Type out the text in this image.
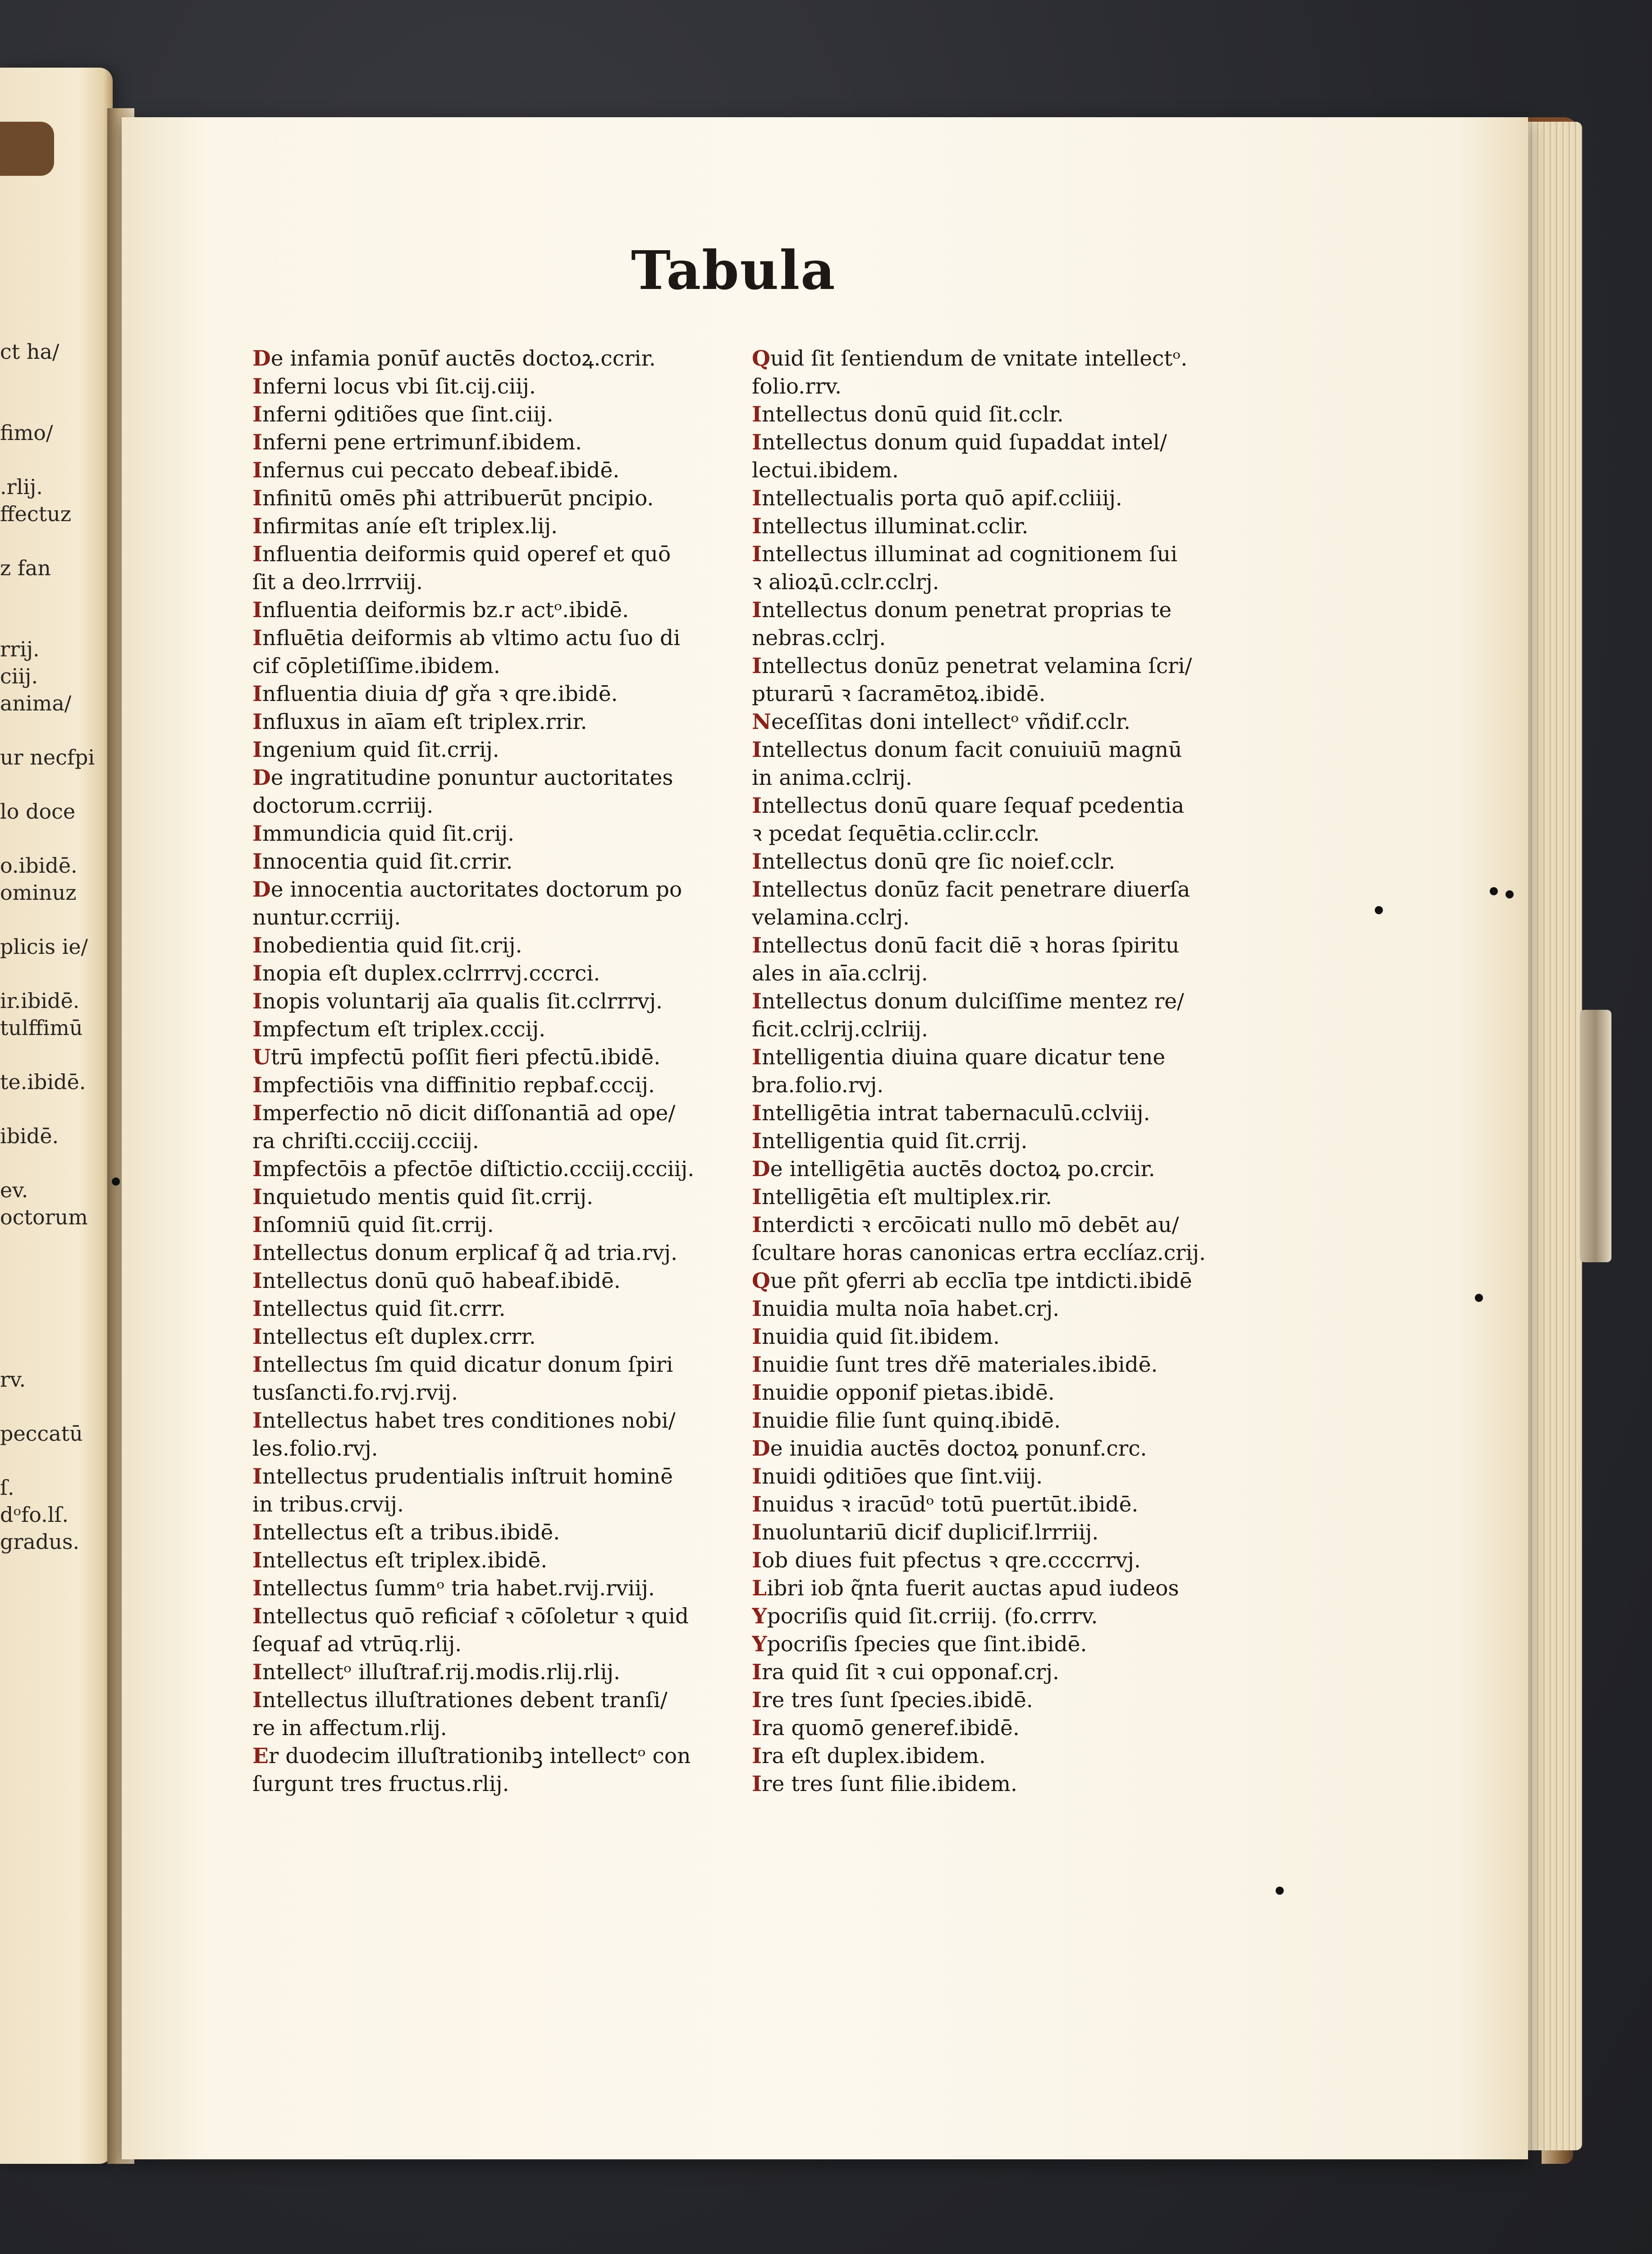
ct ha/
fimo/
.rlij.
ffectuz
z fan
rrij.
ciij.
anima/
ur necfpi
lo doce
o.ibidē.
ominuz
plicis ie/
ir.ibidē.
tulffimū
te.ibidē.
ibidē.
ev.
octorum
rv.
peccatū
ſ.
dᵒfo.lſ.
gradus.
Tabula
De infamia ponūf auctēs doctoꝝ.ccrir.
Inferni locus vbi ſit.cij.ciij.
Inferni ꝯditiões que ſint.ciij.
Inferni pene ertrimunf.ibidem.
Infernus cui peccato debeaf.ibidē.
Infinitū omēs pħi attribuerūt pncipio.
Infirmitas aníe eſt triplex.lij.
Influentia deiformis quid operef et quō
ſit a deo.lrrrviij.
Influentia deiformis bz.r actᵒ.ibidē.
Influētia deiformis ab vltimo actu ſuo di
cif cōpletiſſime.ibidem.
Influentia diuia dꝭ gřa ꝛ qre.ibidē.
Influxus in aīam eſt triplex.rrir.
Ingenium quid ſit.crrij.
De ingratitudine ponuntur auctoritates
doctorum.ccrriij.
Immundicia quid ſit.crij.
Innocentia quid ſit.crrir.
De innocentia auctoritates doctorum po
nuntur.ccrriij.
Inobedientia quid ſit.crij.
Inopia eſt duplex.cclrrrvj.cccrci.
Inopis voluntarij aīa qualis ſit.cclrrrvj.
Impfectum eſt triplex.cccij.
Utrū impfectū poſſit fieri pfectū.ibidē.
Impfectiōis vna diffinitio repbaf.cccij.
Imperfectio nō dicit diſſonantiā ad ope/
ra chriſti.ccciij.ccciij.
Impfectōis a pfectōe diſtictio.ccciij.ccciij.
Inquietudo mentis quid ſit.crrij.
Inſomniū quid ſit.crrij.
Intellectus donum erplicaf q̃ ad tria.rvj.
Intellectus donū quō habeaf.ibidē.
Intellectus quid ſit.crrr.
Intellectus eſt duplex.crrr.
Intellectus ſm quid dicatur donum ſpiri
tusſancti.fo.rvj.rvij.
Intellectus habet tres conditiones nobi/
les.folio.rvj.
Intellectus prudentialis inſtruit hominē
in tribus.crvij.
Intellectus eſt a tribus.ibidē.
Intellectus eſt triplex.ibidē.
Intellectus ſummᵒ tria habet.rvij.rviij.
Intellectus quō reficiaf ꝛ cōſoletur ꝛ quid
ſequaf ad vtrūq.rlij.
Intellectᵒ illuſtraf.rij.modis.rlij.rlij.
Intellectus illuſtrationes debent tranſi/
re in affectum.rlij.
Er duodecim illuſtrationibꝫ intellectᵒ con
ſurgunt tres fructus.rlij.
Quid ſit ſentiendum de vnitate intellectᵒ.
folio.rrv.
Intellectus donū quid ſit.cclr.
Intellectus donum quid ſupaddat intel/
lectui.ibidem.
Intellectualis porta quō apif.ccliiij.
Intellectus illuminat.cclir.
Intellectus illuminat ad cognitionem ſui
ꝛ alioꝝū.cclr.cclrj.
Intellectus donum penetrat proprias te
nebras.cclrj.
Intellectus donūz penetrat velamina ſcri/
pturarū ꝛ ſacramētoꝝ.ibidē.
Neceſſitas doni intellectᵒ vñdif.cclr.
Intellectus donum facit conuiuiū magnū
in anima.cclrij.
Intellectus donū quare ſequaf pcedentia
ꝛ pcedat ſequētia.cclir.cclr.
Intellectus donū qre ſic noief.cclr.
Intellectus donūz facit penetrare diuerſa
velamina.cclrj.
Intellectus donū facit diē ꝛ horas ſpiritu
ales in aīa.cclrij.
Intellectus donum dulciſſime mentez re/
ficit.cclrij.cclriij.
Intelligentia diuina quare dicatur tene
bra.folio.rvj.
Intelligētia intrat tabernaculū.cclviij.
Intelligentia quid ſit.crrij.
De intelligētia auctēs doctoꝝ po.crcir.
Intelligētia eſt multiplex.rir.
Interdicti ꝛ ercōicati nullo mō debēt au/
ſcultare horas canonicas ertra ecclíaz.crij.
Que pñt ꝯferri ab ecclīa tpe intdicti.ibidē
Inuidia multa noīa habet.crj.
Inuidia quid ſit.ibidem.
Inuidie ſunt tres dřē materiales.ibidē.
Inuidie opponif pietas.ibidē.
Inuidie filie ſunt quinq.ibidē.
De inuidia auctēs doctoꝝ ponunf.crc.
Inuidi ꝯditiōes que ſint.viij.
Inuidus ꝛ iracūdᵒ totū puertūt.ibidē.
Inuoluntariū dicif duplicif.lrrriij.
Iob diues fuit pfectus ꝛ qre.ccccrrvj.
Libri iob q̃nta fuerit auctas apud iudeos
Ypocriſis quid ſit.crriij. (fo.crrrv.
Ypocriſis ſpecies que ſint.ibidē.
Ira quid ſit ꝛ cui opponaf.crj.
Ire tres ſunt ſpecies.ibidē.
Ira quomō generef.ibidē.
Ira eſt duplex.ibidem.
Ire tres ſunt filie.ibidem.
